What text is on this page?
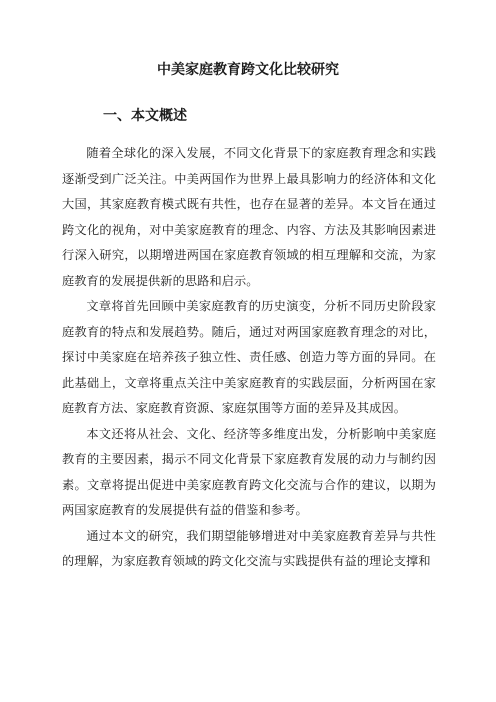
中美家庭教育跨文化比较研究
一、本文概述

随着全球化的深入发展，不同文化背景下的家庭教育理念和实践逐渐受到广泛关注。中美两国作为世界上最具影响力的经济体和文化大国，其家庭教育模式既有共性，也存在显著的差异。本文旨在通过跨文化的视角，对中美家庭教育的理念、内容、方法及其影响因素进行深入研究，以期增进两国在家庭教育领域的相互理解和交流，为家庭教育的发展提供新的思路和启示。

文章将首先回顾中美家庭教育的历史演变，分析不同历史阶段家庭教育的特点和发展趋势。随后，通过对两国家庭教育理念的对比，探讨中美家庭在培养孩子独立性、责任感、创造力等方面的异同。在此基础上，文章将重点关注中美家庭教育的实践层面，分析两国在家庭教育方法、家庭教育资源、家庭氛围等方面的差异及其成因。

本文还将从社会、文化、经济等多维度出发，分析影响中美家庭教育的主要因素，揭示不同文化背景下家庭教育发展的动力与制约因素。文章将提出促进中美家庭教育跨文化交流与合作的建议，以期为两国家庭教育的发展提供有益的借鉴和参考。

通过本文的研究，我们期望能够增进对中美家庭教育差异与共性的理解，为家庭教育领域的跨文化交流与实践提供有益的理论支撑和
